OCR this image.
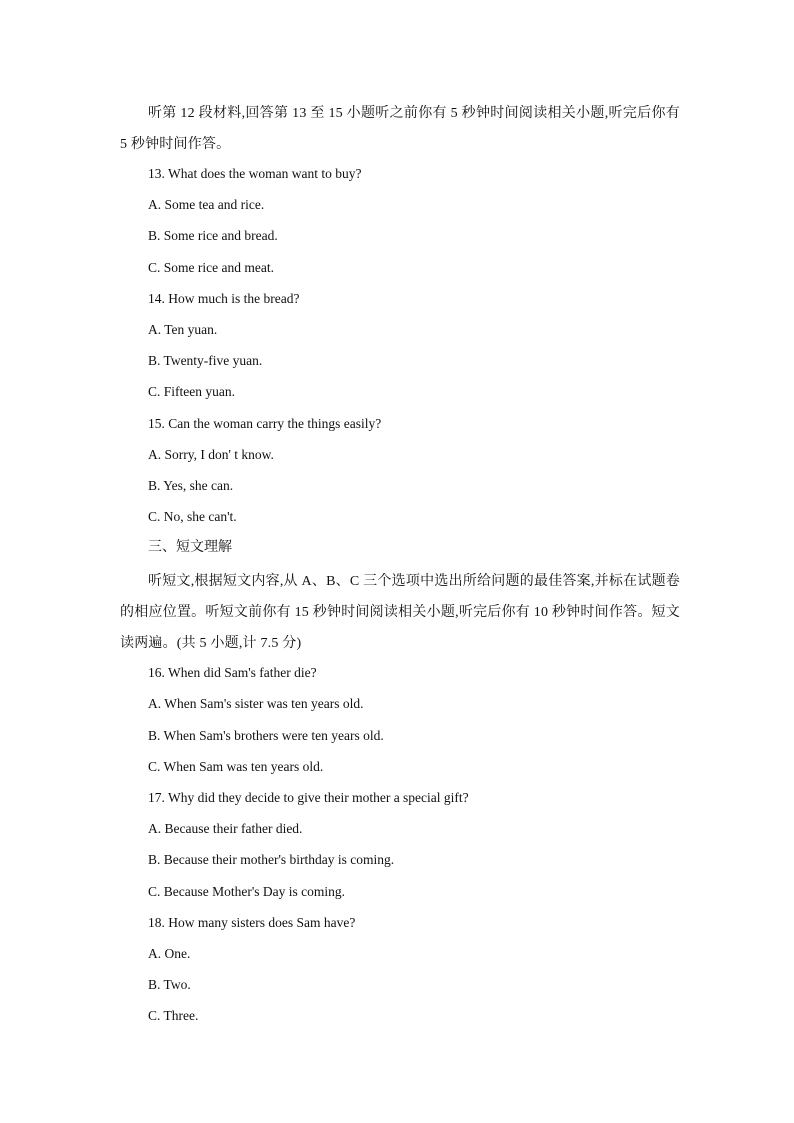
听第 12 段材料,回答第 13 至 15 小题听之前你有 5 秒钟时间阅读相关小题,听完后你有 5 秒钟时间作答。

13. What does the woman want to buy?

A. Some tea and rice.

B. Some rice and bread.

C. Some rice and meat.

14. How much is the bread?

A. Ten yuan.

B. Twenty-five yuan.

C. Fifteen yuan.

15. Can the woman carry the things easily?

A. Sorry, I don' t know.

B. Yes, she can.

C. No, she can't.

三、短文理解

听短文,根据短文内容,从 A、B、C 三个选项中选出所给问题的最佳答案,并标在试题卷的相应位置。听短文前你有 15 秒钟时间阅读相关小题,听完后你有 10 秒钟时间作答。短文读两遍。(共 5 小题,计 7.5 分)

16. When did Sam's father die?

A. When Sam's sister was ten years old.

B. When Sam's brothers were ten years old.

C. When Sam was ten years old.

17. Why did they decide to give their mother a special gift?

A. Because their father died.

B. Because their mother's birthday is coming.

C. Because Mother's Day is coming.

18. How many sisters does Sam have?

A. One.

B. Two.

C. Three.
